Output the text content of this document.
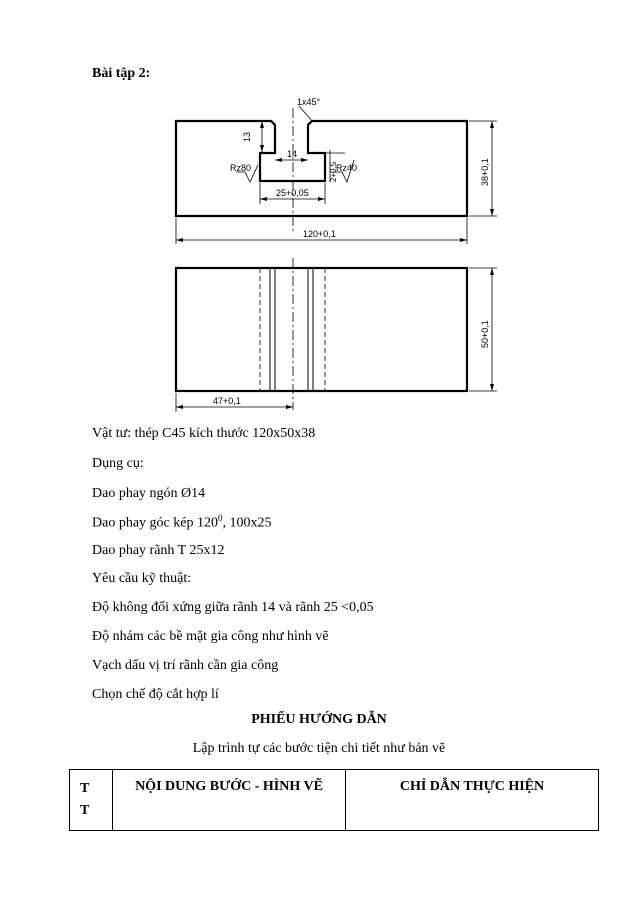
Bài tập 2:
1x45°
13
14
2+0,5
Rz80	Rz40
25+0,05
38+0,1
120+0,1
50+0,1
47+0,1
Vật tư: thép C45 kích thước 120x50x38
Dụng cụ:
Dao phay ngón Ø14
Dao phay góc kép $120^0$, 100x25
Dao phay rãnh T 25x12
Yêu cầu kỹ thuật:
Độ không đối xứng giữa rãnh 14 và rãnh 25 <0,05
Độ nhám các bề mặt gia công như hình vẽ
Vạch dấu vị trí rãnh cần gia công
Chọn chế độ cắt hợp lí
PHIẾU HƯỚNG DẪN
Lập trình tự các bước tiện chi tiết như bản vẽ
T
T	NỘI DUNG BƯỚC - HÌNH VẼ	CHỈ DẪN THỰC HIỆN
